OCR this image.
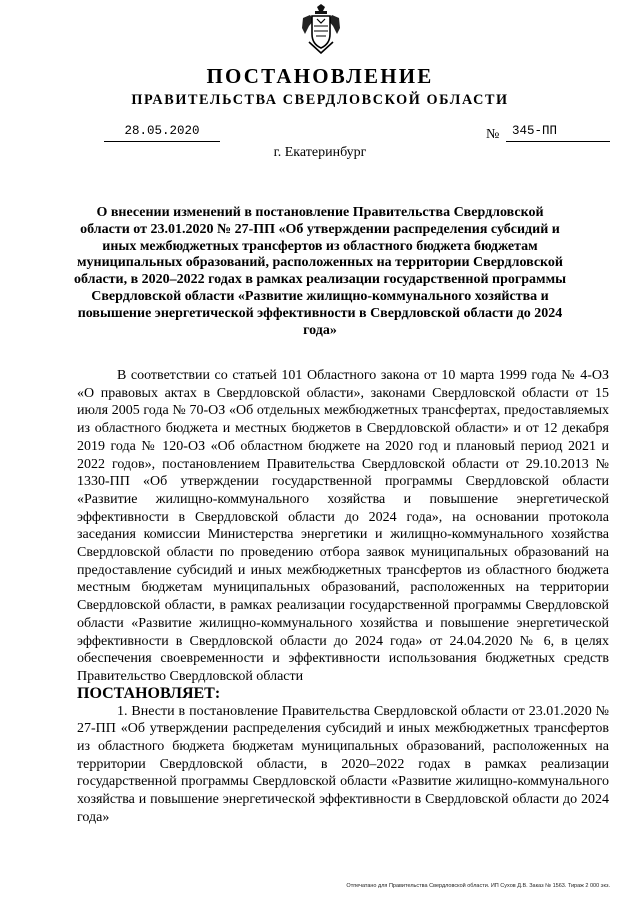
ПОСТАНОВЛЕНИЕ
ПРАВИТЕЛЬСТВА СВЕРДЛОВСКОЙ ОБЛАСТИ
28.05.2020	№ 345-ПП
г. Екатеринбург
О внесении изменений в постановление Правительства Свердловской области от 23.01.2020 № 27-ПП «Об утверждении распределения субсидий и иных межбюджетных трансфертов из областного бюджета бюджетам муниципальных образований, расположенных на территории Свердловской области, в 2020–2022 годах в рамках реализации государственной программы Свердловской области «Развитие жилищно-коммунального хозяйства и повышение энергетической эффективности в Свердловской области до 2024 года»

В соответствии со статьей 101 Областного закона от 10 марта 1999 года № 4-ОЗ «О правовых актах в Свердловской области», законами Свердловской области от 15 июля 2005 года № 70-ОЗ «Об отдельных межбюджетных трансфертах, предоставляемых из областного бюджета и местных бюджетов в Свердловской области» и от 12 декабря 2019 года № 120-ОЗ «Об областном бюджете на 2020 год и плановый период 2021 и 2022 годов», постановлением Правительства Свердловской области от 29.10.2013 № 1330-ПП «Об утверждении государственной программы Свердловской области «Развитие жилищно-коммунального хозяйства и повышение энергетической эффективности в Свердловской области до 2024 года», на основании протокола заседания комиссии Министерства энергетики и жилищно-коммунального хозяйства Свердловской области по проведению отбора заявок муниципальных образований на предоставление субсидий и иных межбюджетных трансфертов из областного бюджета местным бюджетам муниципальных образований, расположенных на территории Свердловской области, в рамках реализации государственной программы Свердловской области «Развитие жилищно-коммунального хозяйства и повышение энергетической эффективности в Свердловской области до 2024 года» от 24.04.2020 № 6, в целях обеспечения своевременности и эффективности использования бюджетных средств Правительство Свердловской области

ПОСТАНОВЛЯЕТ:

1. Внести в постановление Правительства Свердловской области от 23.01.2020 № 27-ПП «Об утверждении распределения субсидий и иных межбюджетных трансфертов из областного бюджета бюджетам муниципальных образований, расположенных на территории Свердловской области, в 2020–2022 годах в рамках реализации государственной программы Свердловской области «Развитие жилищно-коммунального хозяйства и повышение энергетической эффективности в Свердловской области до 2024 года»

Отпечатано для Правительства Свердловской области. ИП Сухов Д.В. Заказ № 1563. Тираж 2 000 экз.
